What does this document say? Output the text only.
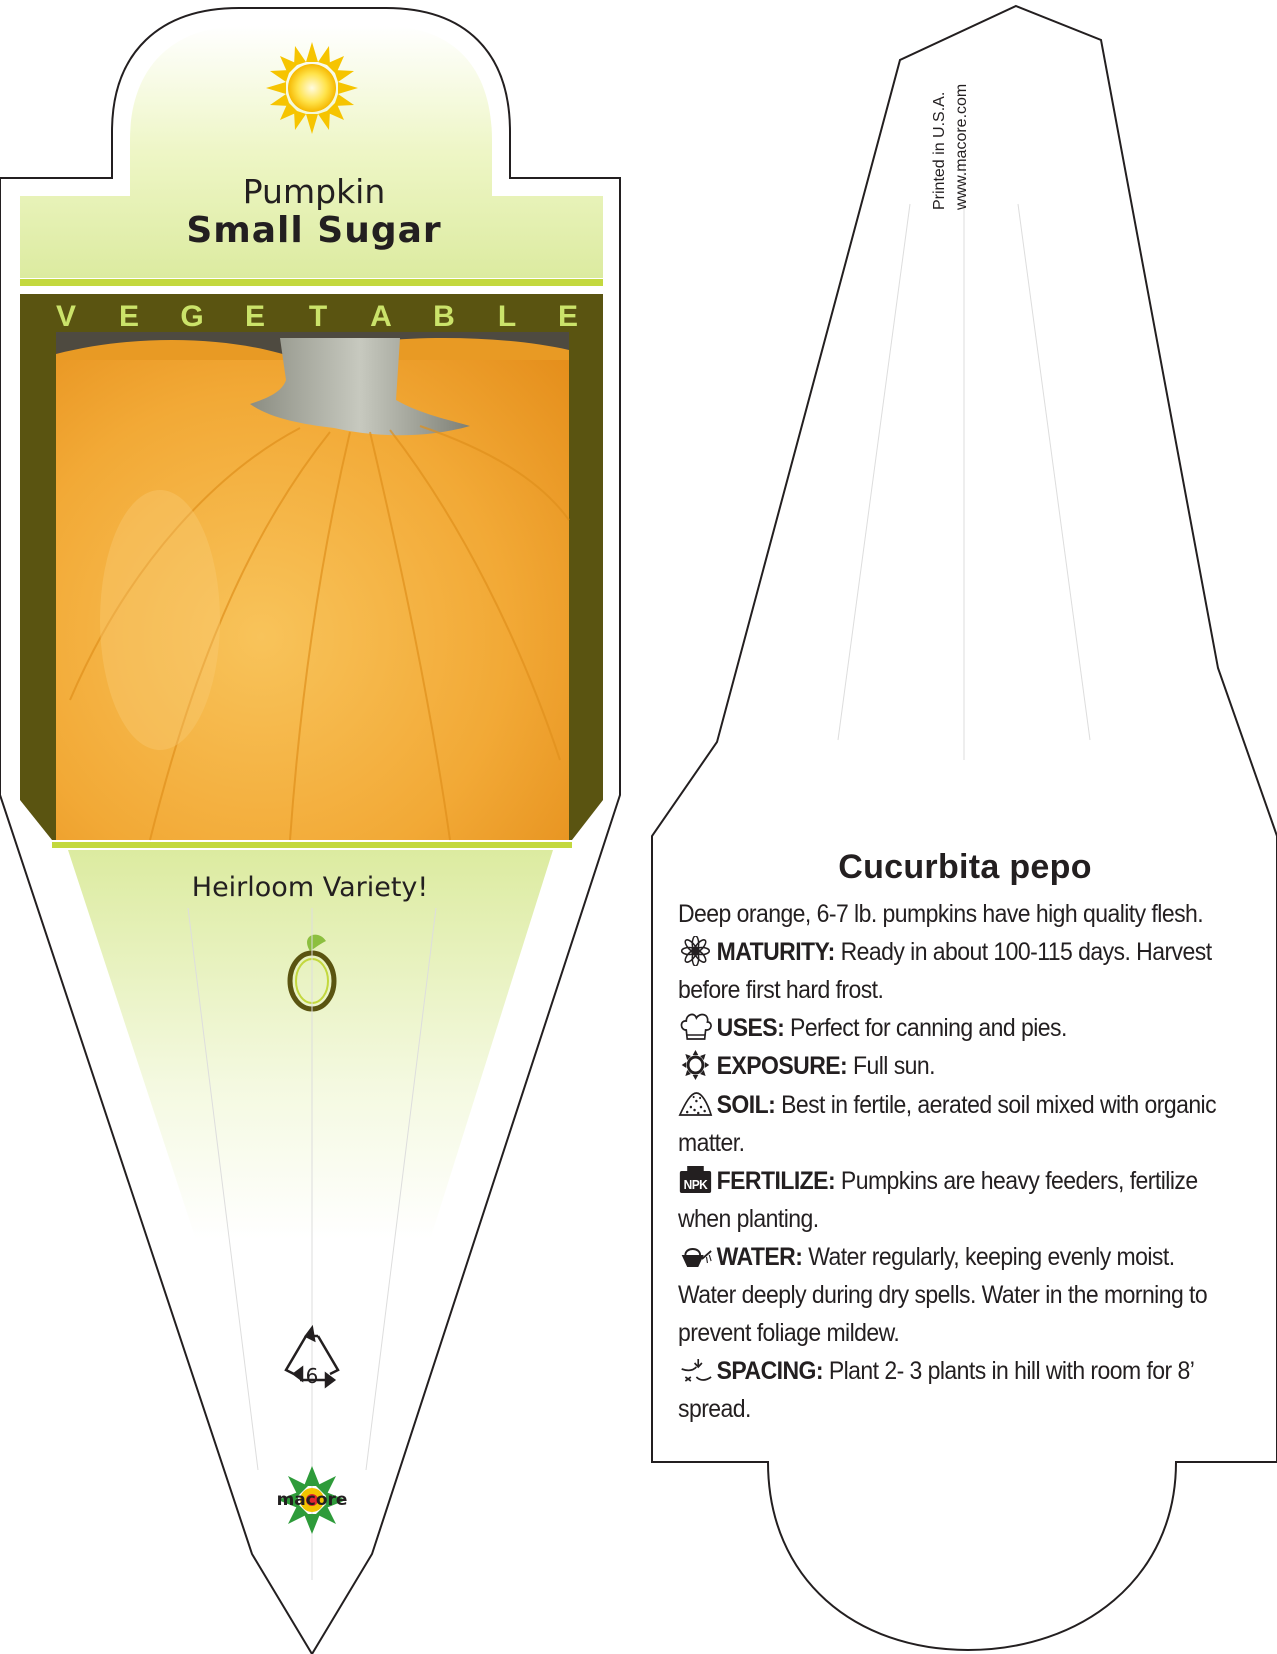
Pumpkin
Small Sugar
V E G E T A B L E
Heirloom Variety!
6
macore
Printed in U.S.A. www.macore.com
Cucurbita pepo
Deep orange, 6-7 lb. pumpkins have high quality flesh.
MATURITY: Ready in about 100-115 days. Harvest before first hard frost.
USES: Perfect for canning and pies.
EXPOSURE: Full sun.
SOIL: Best in fertile, aerated soil mixed with organic matter.
NPK FERTILIZE: Pumpkins are heavy feeders, fertilize when planting.
WATER: Water regularly, keeping evenly moist. Water deeply during dry spells. Water in the morning to prevent foliage mildew.
SPACING: Plant 2- 3 plants in hill with room for 8’ spread.
